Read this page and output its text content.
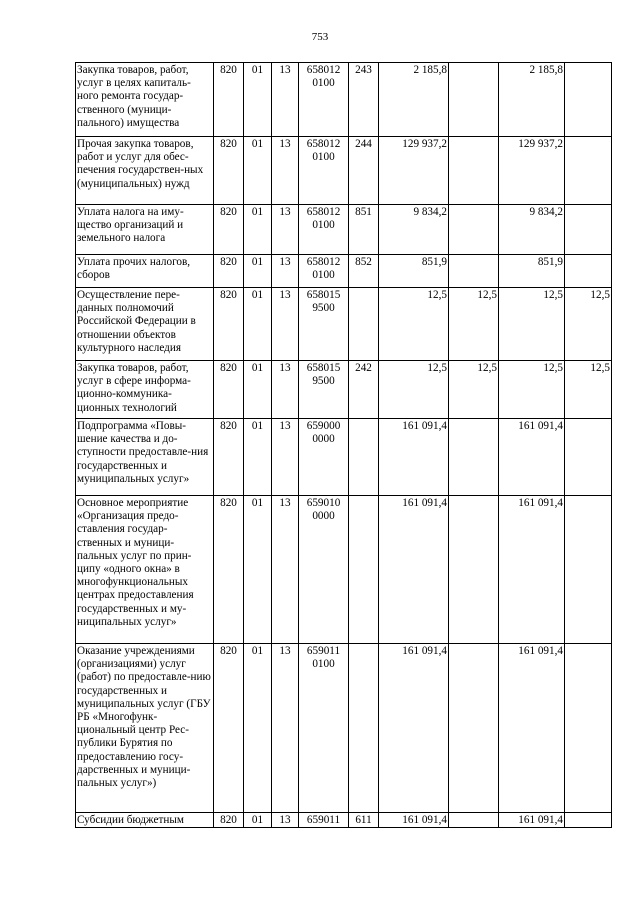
753
Закупка товаров, работ, услуг в целях капиталь-ного ремонта государ-ственного (муници-пального) имущества	820	01	13	658012 0100	243	2 185,8		2 185,8	
Прочая закупка товаров, работ и услуг для обес-печения государствен-ных (муниципальных) нужд	820	01	13	658012 0100	244	129 937,2		129 937,2	
Уплата налога на иму-щество организаций и земельного налога	820	01	13	658012 0100	851	9 834,2		9 834,2	
Уплата прочих налогов, сборов	820	01	13	658012 0100	852	851,9		851,9	
Осуществление пере-данных полномочий Российской Федерации в отношении объектов культурного наследия	820	01	13	658015 9500		12,5	12,5	12,5	12,5
Закупка товаров, работ, услуг в сфере информа-ционно-коммуника-ционных технологий	820	01	13	658015 9500	242	12,5	12,5	12,5	12,5
Подпрограмма «Повы-шение качества и до-ступности предоставле-ния государственных и муниципальных услуг»	820	01	13	659000 0000		161 091,4		161 091,4	
Основное мероприятие «Организация предо-ставления государ-ственных и муници-пальных услуг по прин-ципу «одного окна» в многофункциональных центрах предоставления государственных и му-ниципальных услуг»	820	01	13	659010 0000		161 091,4		161 091,4	
Оказание учреждениями (организациями) услуг (работ) по предоставле-нию государственных и муниципальных услуг (ГБУ РБ «Многофунк-циональный центр Рес-публики Бурятия по предоставлению госу-дарственных и муници-пальных услуг»)	820	01	13	659011 0100		161 091,4		161 091,4	
Субсидии бюджетным	820	01	13	659011	611	161 091,4		161 091,4	
